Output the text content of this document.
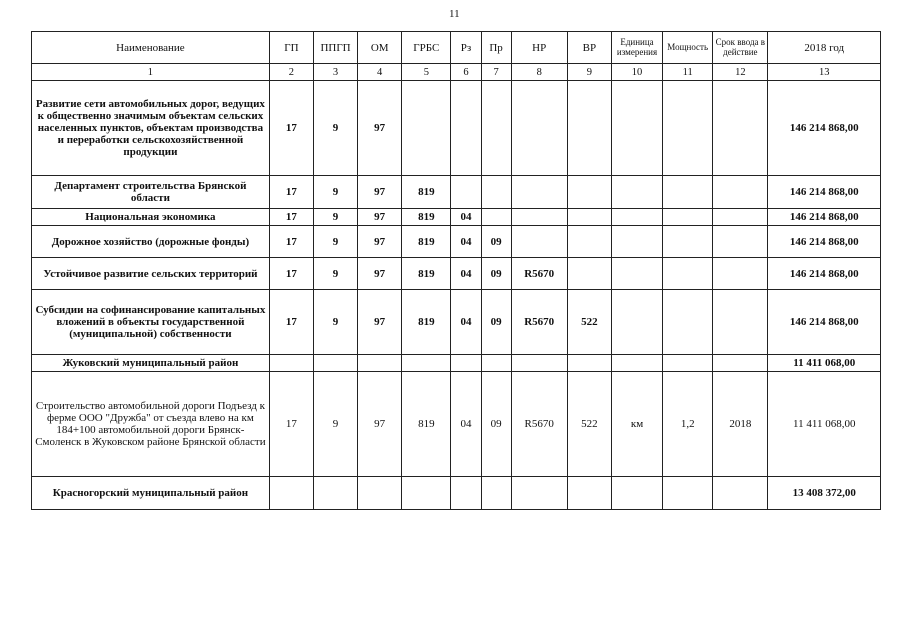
11
Наименование	ГП	ППГП	ОМ	ГРБС	Рз	Пр	НР	ВР	Единица измерения	Мощность	Срок ввода в действие	2018 год
1	2	3	4	5	6	7	8	9	10	11	12	13
Развитие сети автомобильных дорог, ведущих к общественно значимым объектам сельских населенных пунктов, объектам производства и переработки сельскохозяйственной продукции	17	9	97									146 214 868,00
Департамент строительства Брянской области	17	9	97	819								146 214 868,00
Национальная экономика	17	9	97	819	04							146 214 868,00
Дорожное хозяйство (дорожные фонды)	17	9	97	819	04	09						146 214 868,00
Устойчивое развитие сельских территорий	17	9	97	819	04	09	R5670					146 214 868,00
Субсидии на софинансирование капитальных вложений в объекты государственной (муниципальной) собственности	17	9	97	819	04	09	R5670	522				146 214 868,00
Жуковский муниципальный район												11 411 068,00
Строительство автомобильной дороги Подъезд к ферме ООО "Дружба" от съезда влево на км 184+100 автомобильной дороги Брянск-Смоленск в Жуковском районе Брянской области	17	9	97	819	04	09	R5670	522	км	1,2	2018	11 411 068,00
Красногорский муниципальный район												13 408 372,00
